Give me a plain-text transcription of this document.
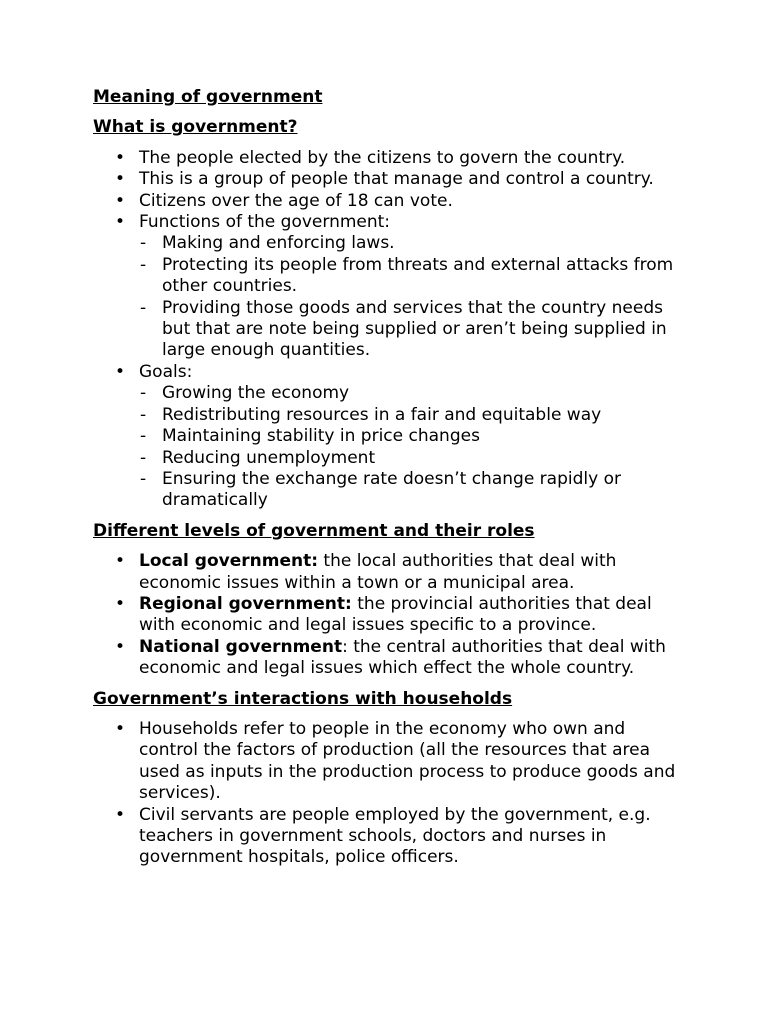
Meaning of government

What is government?

• The people elected by the citizens to govern the country.
• This is a group of people that manage and control a country.
• Citizens over the age of 18 can vote.
• Functions of the government:
- Making and enforcing laws.
- Protecting its people from threats and external attacks from other countries.
- Providing those goods and services that the country needs but that are note being supplied or aren’t being supplied in large enough quantities.
• Goals:
- Growing the economy
- Redistributing resources in a fair and equitable way
- Maintaining stability in price changes
- Reducing unemployment
- Ensuring the exchange rate doesn’t change rapidly or dramatically

Different levels of government and their roles

• Local government: the local authorities that deal with economic issues within a town or a municipal area.
• Regional government: the provincial authorities that deal with economic and legal issues specific to a province.
• National government: the central authorities that deal with economic and legal issues which effect the whole country.

Government’s interactions with households

• Households refer to people in the economy who own and control the factors of production (all the resources that area used as inputs in the production process to produce goods and services).
• Civil servants are people employed by the government, e.g. teachers in government schools, doctors and nurses in government hospitals, police officers.
